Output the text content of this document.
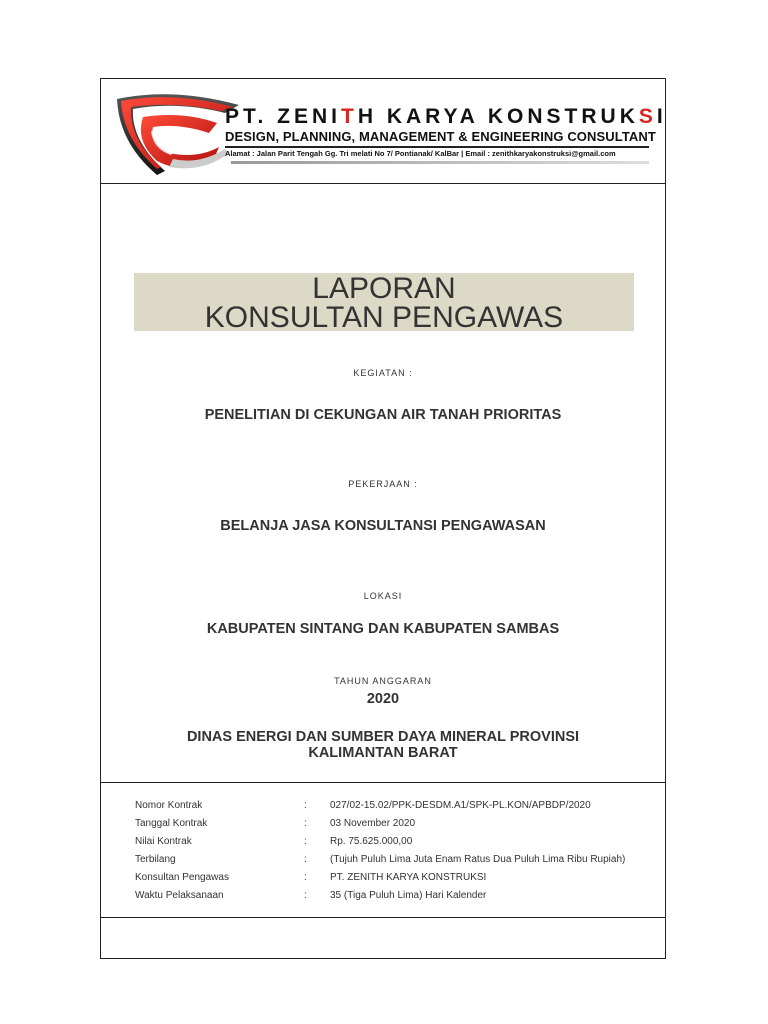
PT. ZENITH KARYA KONSTRUKSI
DESIGN, PLANNING, MANAGEMENT & ENGINEERING CONSULTANT
Alamat : Jalan Parit Tengah Gg. Tri melati No 7/ Pontianak/ KalBar | Email : zenithkaryakonstruksi@gmail.com
LAPORAN
KONSULTAN PENGAWAS
KEGIATAN :
PENELITIAN DI CEKUNGAN AIR TANAH PRIORITAS
PEKERJAAN :
BELANJA JASA KONSULTANSI PENGAWASAN
LOKASI
KABUPATEN SINTANG DAN KABUPATEN SAMBAS
TAHUN ANGGARAN
2020
DINAS ENERGI DAN SUMBER DAYA MINERAL PROVINSI
KALIMANTAN BARAT
Nomor Kontrak	: 027/02-15.02/PPK-DESDM.A1/SPK-PL.KON/APBDP/2020
Tanggal Kontrak	: 03 November 2020
Nilai Kontrak	: Rp. 75.625.000,00
Terbilang	: (Tujuh Puluh Lima Juta Enam Ratus Dua Puluh Lima Ribu Rupiah)
Konsultan Pengawas	: PT. ZENITH KARYA KONSTRUKSI
Waktu Pelaksanaan	: 35 (Tiga Puluh Lima) Hari Kalender
